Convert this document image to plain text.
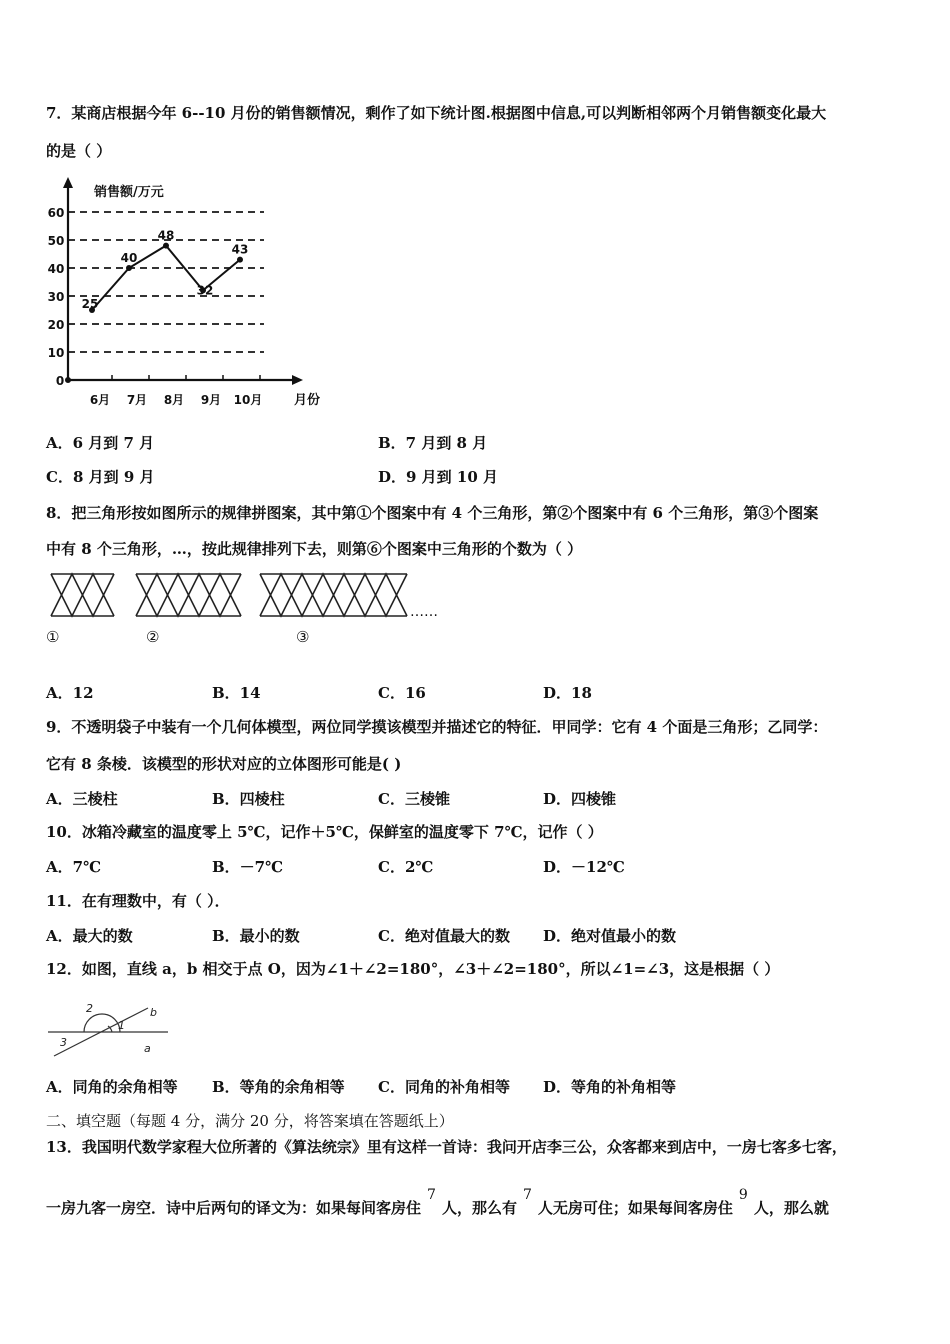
7．某商店根据今年 6--10 月份的销售额情况，剩作了如下统计图.根据图中信息,可以判断相邻两个月销售额变化最大
的是（ ）
0
10
20
30
40
50
60
6月 7月 8月 9月 10月
25
40
48
32
43
销售额/万元
月份
A．6 月到 7 月	B．7 月到 8 月
C．8 月到 9 月	D．9 月到 10 月
8．把三角形按如图所示的规律拼图案，其中第①个图案中有 4 个三角形，第②个图案中有 6 个三角形，第③个图案
中有 8 个三角形，…，按此规律排列下去，则第⑥个图案中三角形的个数为（ ）
……
①	②	③
A．12	B．14	C．16	D．18
9．不透明袋子中装有一个几何体模型，两位同学摸该模型并描述它的特征．甲同学：它有 4 个面是三角形；乙同学：
它有 8 条棱．该模型的形状对应的立体图形可能是( )
A．三棱柱	B．四棱柱	C．三棱锥	D．四棱锥
10．冰箱冷藏室的温度零上 5℃，记作＋5℃，保鲜室的温度零下 7℃，记作（ ）
A．7℃	B．－7℃	C．2℃	D．－12℃
11．在有理数中，有（ ）．
A．最大的数	B．最小的数	C．绝对值最大的数 D．绝对值最小的数
12．如图，直线 a，b 相交于点 O，因为∠1＋∠2=180°，∠3＋∠2=180°，所以∠1=∠3，这是根据（ ）
2
1
3
b
a
A．同角的余角相等 B．等角的余角相等 C．同角的补角相等 D．等角的补角相等
二、填空题（每题 4 分，满分 20 分，将答案填在答题纸上）
13．我国明代数学家程大位所著的《算法统宗》里有这样一首诗：我问开店李三公，众客都来到店中，一房七客多七客，
一房九客一房空．诗中后两句的译文为：如果每间客房住7人，那么有7人无房可住；如果每间客房住9人，那么就
